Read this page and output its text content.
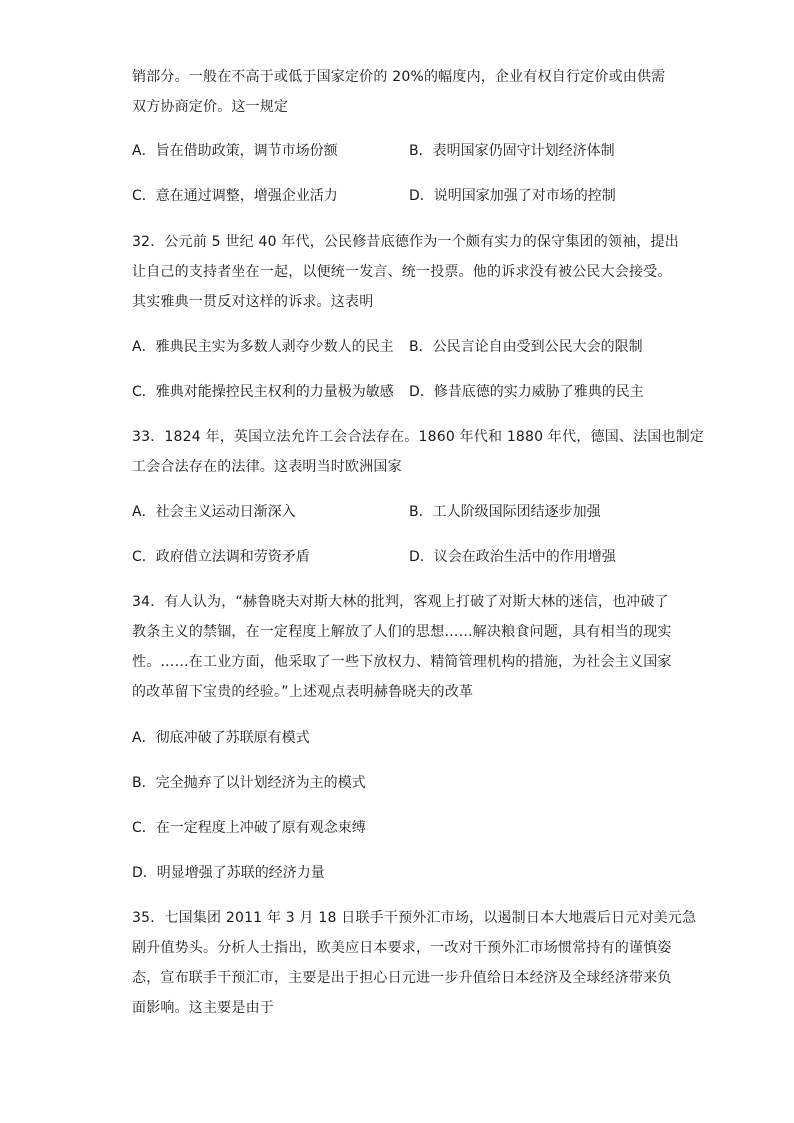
销部分。一般在不高于或低于国家定价的 20%的幅度内，企业有权自行定价或由供需
双方协商定价。这一规定
A．旨在借助政策，调节市场份额	B．表明国家仍固守计划经济体制
C．意在通过调整，增强企业活力	D．说明国家加强了对市场的控制
32．公元前 5 世纪 40 年代，公民修昔底德作为一个颇有实力的保守集团的领袖，提出
让自己的支持者坐在一起，以便统一发言、统一投票。他的诉求没有被公民大会接受。
其实雅典一贯反对这样的诉求。这表明
A．雅典民主实为多数人剥夺少数人的民主 B．公民言论自由受到公民大会的限制
C．雅典对能操控民主权利的力量极为敏感 D．修昔底德的实力威胁了雅典的民主
33．1824 年，英国立法允许工会合法存在。1860 年代和 1880 年代，德国、法国也制定
工会合法存在的法律。这表明当时欧洲国家
A．社会主义运动日渐深入	B．工人阶级国际团结逐步加强
C．政府借立法调和劳资矛盾	D．议会在政治生活中的作用增强
34．有人认为，“赫鲁晓夫对斯大林的批判，客观上打破了对斯大林的迷信，也冲破了
教条主义的禁锢，在一定程度上解放了人们的思想……解决粮食问题，具有相当的现实
性。……在工业方面，他采取了一些下放权力、精简管理机构的措施，为社会主义国家
的改革留下宝贵的经验。”上述观点表明赫鲁晓夫的改革
A．彻底冲破了苏联原有模式
B．完全抛弃了以计划经济为主的模式
C．在一定程度上冲破了原有观念束缚
D．明显增强了苏联的经济力量
35．七国集团 2011 年 3 月 18 日联手干预外汇市场，以遏制日本大地震后日元对美元急
剧升值势头。分析人士指出，欧美应日本要求，一改对干预外汇市场惯常持有的谨慎姿
态，宣布联手干预汇市，主要是出于担心日元进一步升值给日本经济及全球经济带来负
面影响。这主要是由于
